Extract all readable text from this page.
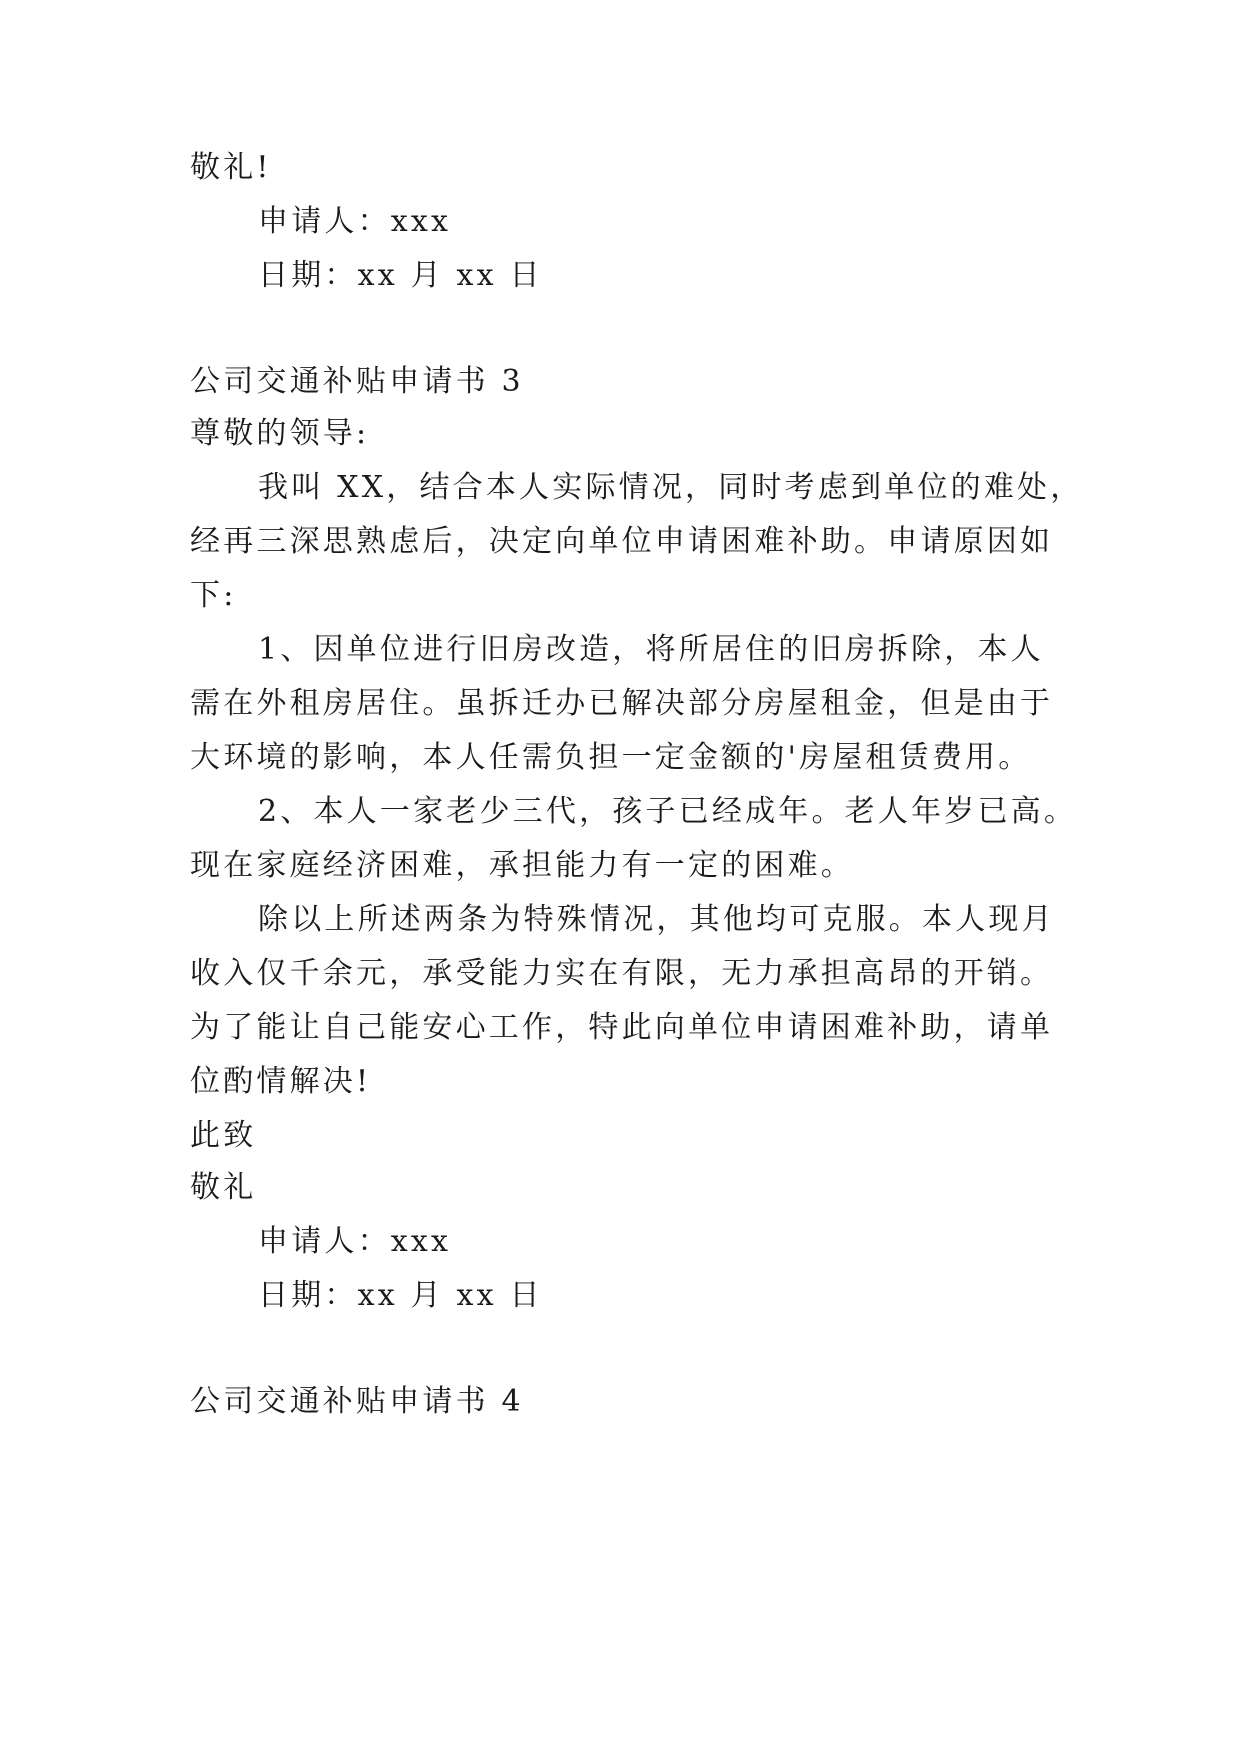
敬礼!
申请人：xxx
日期：xx 月 xx 日
公司交通补贴申请书 3
尊敬的领导:
我叫 XX，结合本人实际情况，同时考虑到单位的难处，
经再三深思熟虑后，决定向单位申请困难补助。申请原因如
下:
1、因单位进行旧房改造，将所居住的旧房拆除，本人
需在外租房居住。虽拆迁办已解决部分房屋租金，但是由于
大环境的影响，本人任需负担一定金额的'房屋租赁费用。
2、本人一家老少三代，孩子已经成年。老人年岁已高。
现在家庭经济困难，承担能力有一定的困难。
除以上所述两条为特殊情况，其他均可克服。本人现月
收入仅千余元，承受能力实在有限，无力承担高昂的开销。
为了能让自己能安心工作，特此向单位申请困难补助，请单
位酌情解决!
此致
敬礼
申请人：xxx
日期：xx 月 xx 日
公司交通补贴申请书 4
